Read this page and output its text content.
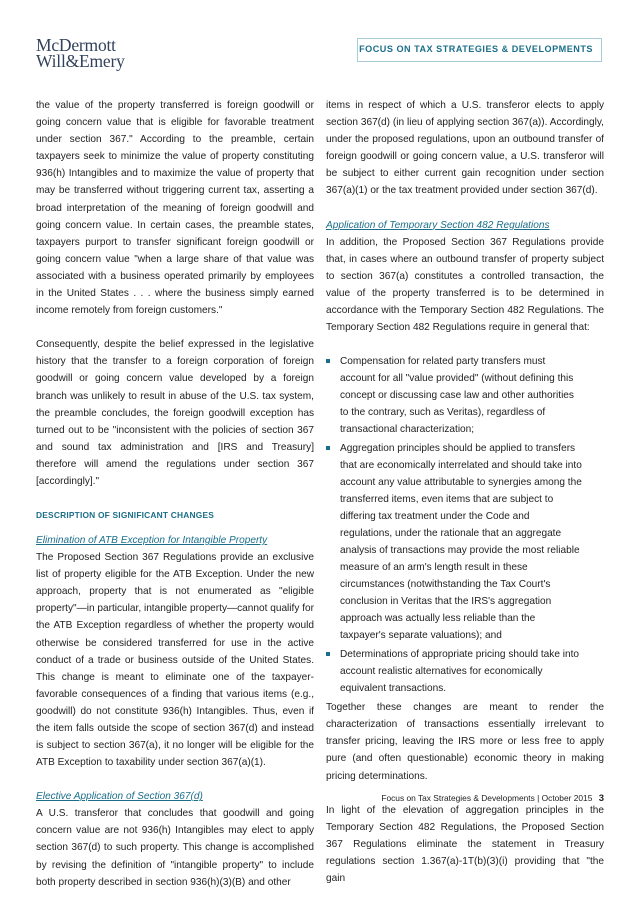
McDermott
Will&Emery
FOCUS ON TAX STRATEGIES & DEVELOPMENTS

the value of the property transferred is foreign goodwill or going concern value that is eligible for favorable treatment under section 367." According to the preamble, certain taxpayers seek to minimize the value of property constituting 936(h) Intangibles and to maximize the value of property that may be transferred without triggering current tax, asserting a broad interpretation of the meaning of foreign goodwill and going concern value. In certain cases, the preamble states, taxpayers purport to transfer significant foreign goodwill or going concern value "when a large share of that value was associated with a business operated primarily by employees in the United States . . . where the business simply earned income remotely from foreign customers."

Consequently, despite the belief expressed in the legislative history that the transfer to a foreign corporation of foreign goodwill or going concern value developed by a foreign branch was unlikely to result in abuse of the U.S. tax system, the preamble concludes, the foreign goodwill exception has turned out to be "inconsistent with the policies of section 367 and sound tax administration and [IRS and Treasury] therefore will amend the regulations under section 367 [accordingly]."

DESCRIPTION OF SIGNIFICANT CHANGES
Elimination of ATB Exception for Intangible Property

The Proposed Section 367 Regulations provide an exclusive list of property eligible for the ATB Exception. Under the new approach, property that is not enumerated as "eligible property"—in particular, intangible property—cannot qualify for the ATB Exception regardless of whether the property would otherwise be considered transferred for use in the active conduct of a trade or business outside of the United States. This change is meant to eliminate one of the taxpayer-favorable consequences of a finding that various items (e.g., goodwill) do not constitute 936(h) Intangibles. Thus, even if the item falls outside the scope of section 367(d) and instead is subject to section 367(a), it no longer will be eligible for the ATB Exception to taxability under section 367(a)(1).

Elective Application of Section 367(d)

A U.S. transferor that concludes that goodwill and going concern value are not 936(h) Intangibles may elect to apply section 367(d) to such property. This change is accomplished by revising the definition of "intangible property" to include both property described in section 936(h)(3)(B) and other

items in respect of which a U.S. transferor elects to apply section 367(d) (in lieu of applying section 367(a)). Accordingly, under the proposed regulations, upon an outbound transfer of foreign goodwill or going concern value, a U.S. transferor will be subject to either current gain recognition under section 367(a)(1) or the tax treatment provided under section 367(d).

Application of Temporary Section 482 Regulations

In addition, the Proposed Section 367 Regulations provide that, in cases where an outbound transfer of property subject to section 367(a) constitutes a controlled transaction, the value of the property transferred is to be determined in accordance with the Temporary Section 482 Regulations. The Temporary Section 482 Regulations require in general that:

Compensation for related party transfers must account for all "value provided" (without defining this concept or discussing case law and other authorities to the contrary, such as Veritas), regardless of transactional characterization;
Aggregation principles should be applied to transfers that are economically interrelated and should take into account any value attributable to synergies among the transferred items, even items that are subject to differing tax treatment under the Code and regulations, under the rationale that an aggregate analysis of transactions may provide the most reliable measure of an arm's length result in these circumstances (notwithstanding the Tax Court's conclusion in Veritas that the IRS's aggregation approach was actually less reliable than the taxpayer's separate valuations); and
Determinations of appropriate pricing should take into account realistic alternatives for economically equivalent transactions.

Together these changes are meant to render the characterization of transactions essentially irrelevant to transfer pricing, leaving the IRS more or less free to apply pure (and often questionable) economic theory in making pricing determinations.

In light of the elevation of aggregation principles in the Temporary Section 482 Regulations, the Proposed Section 367 Regulations eliminate the statement in Treasury regulations section 1.367(a)-1T(b)(3)(i) providing that "the gain

Focus on Tax Strategies & Developments | October 2015 3
